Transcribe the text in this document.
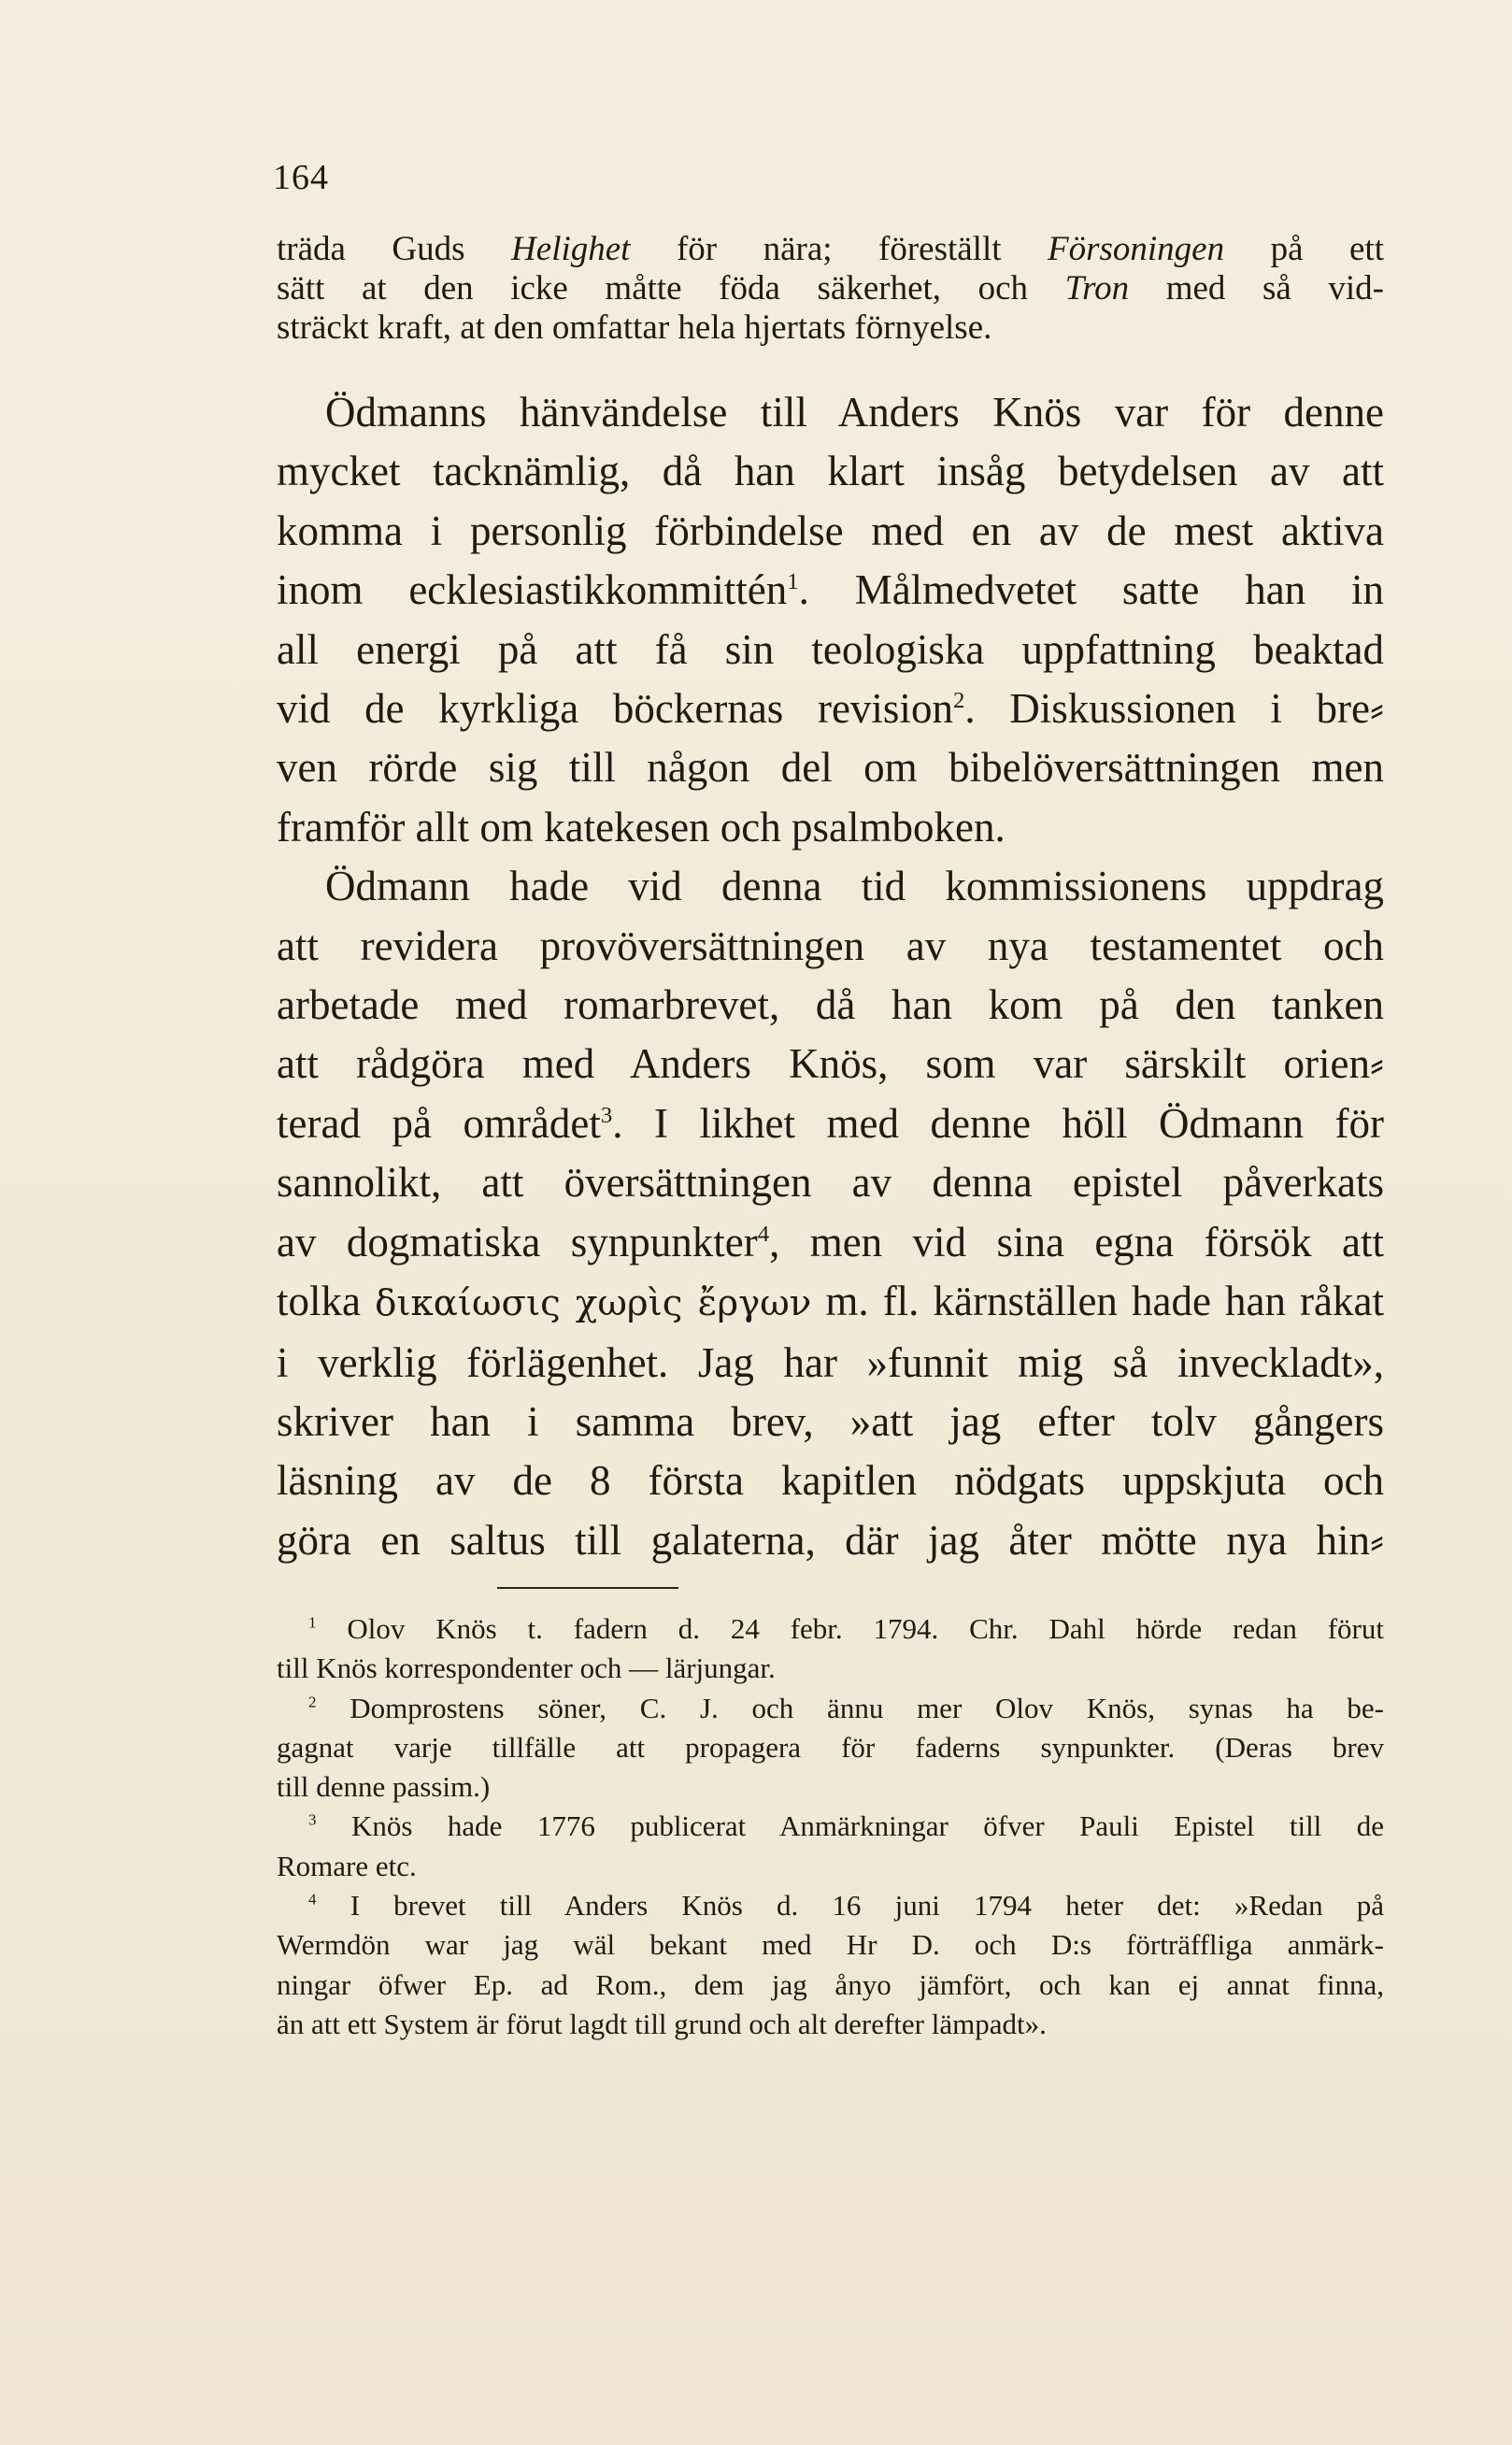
164
träda Guds Helighet för nära; föreställt Försoningen på ett
sätt at den icke måtte föda säkerhet, och Tron med så vid-
sträckt kraft, at den omfattar hela hjertats förnyelse.
Ödmanns hänvändelse till Anders Knös var för denne
mycket tacknämlig, då han klart insåg betydelsen av att
komma i personlig förbindelse med en av de mest aktiva
inom ecklesiastikkommittén$^1$. Målmedvetet satte han in
all energi på att få sin teologiska uppfattning beaktad
vid de kyrkliga böckernas revision$^2$. Diskussionen i bre⸗
ven rörde sig till någon del om bibelöversättningen men
framför allt om katekesen och psalmboken.
Ödmann hade vid denna tid kommissionens uppdrag
att revidera provöversättningen av nya testamentet och
arbetade med romarbrevet, då han kom på den tanken
att rådgöra med Anders Knös, som var särskilt orien⸗
terad på området$^3$. I likhet med denne höll Ödmann för
sannolikt, att översättningen av denna epistel påverkats
av dogmatiska synpunkter$^4$, men vid sina egna försök att
tolka δικαίωσις χωρὶς ἔργων m. fl. kärnställen hade han råkat
i verklig förlägenhet. Jag har »funnit mig så inveckladt»,
skriver han i samma brev, »att jag efter tolv gångers
läsning av de 8 första kapitlen nödgats uppskjuta och
göra en saltus till galaterna, där jag åter mötte nya hin⸗
$^1$ Olov Knös t. fadern d. 24 febr. 1794. Chr. Dahl hörde redan förut
till Knös korrespondenter och — lärjungar.
$^2$ Domprostens söner, C. J. och ännu mer Olov Knös, synas ha be-
gagnat varje tillfälle att propagera för faderns synpunkter. (Deras brev
till denne passim.)
$^3$ Knös hade 1776 publicerat Anmärkningar öfver Pauli Epistel till de
Romare etc.
$^4$ I brevet till Anders Knös d. 16 juni 1794 heter det: »Redan på
Wermdön war jag wäl bekant med Hr D. och D:s förträffliga anmärk-
ningar öfwer Ep. ad Rom., dem jag ånyo jämfört, och kan ej annat finna,
än att ett System är förut lagdt till grund och alt derefter lämpadt».
